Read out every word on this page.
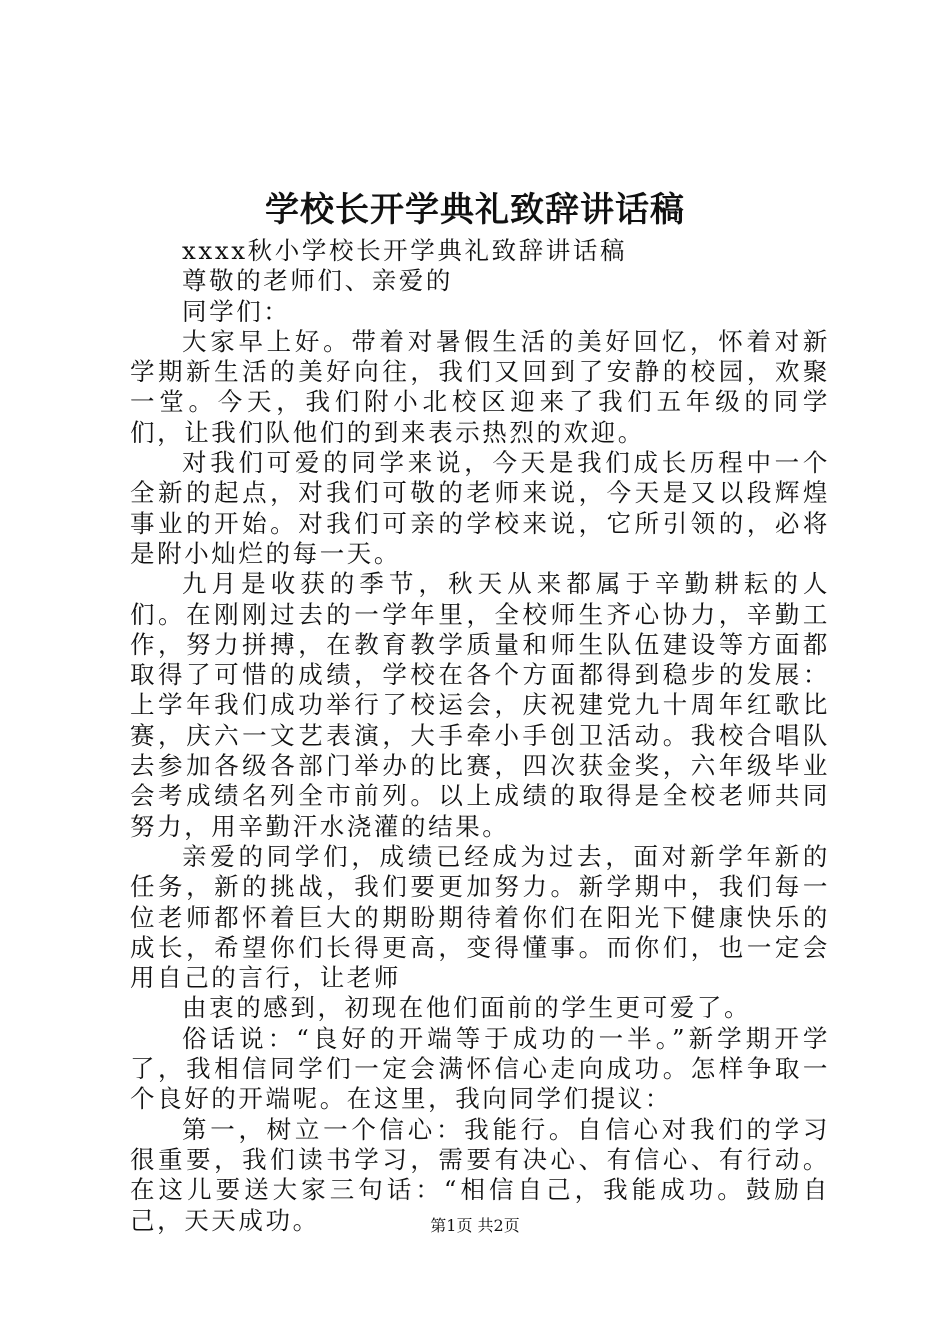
学校长开学典礼致辞讲话稿

xxxx秋小学校长开学典礼致辞讲话稿

尊敬的老师们、亲爱的

同学们：

大家早上好。带着对暑假生活的美好回忆，怀着对新学期新生活的美好向往，我们又回到了安静的校园，欢聚一堂。今天，我们附小北校区迎来了我们五年级的同学们，让我们队他们的到来表示热烈的欢迎。

对我们可爱的同学来说，今天是我们成长历程中一个全新的起点，对我们可敬的老师来说，今天是又以段辉煌事业的开始。对我们可亲的学校来说，它所引领的，必将是附小灿烂的每一天。

九月是收获的季节，秋天从来都属于辛勤耕耘的人们。在刚刚过去的一学年里，全校师生齐心协力，辛勤工作，努力拼搏，在教育教学质量和师生队伍建设等方面都取得了可惜的成绩，学校在各个方面都得到稳步的发展：上学年我们成功举行了校运会，庆祝建党九十周年红歌比赛，庆六一文艺表演，大手牵小手创卫活动。我校合唱队去参加各级各部门举办的比赛，四次获金奖，六年级毕业会考成绩名列全市前列。以上成绩的取得是全校老师共同努力，用辛勤汗水浇灌的结果。

亲爱的同学们，成绩已经成为过去，面对新学年新的任务，新的挑战，我们要更加努力。新学期中，我们每一位老师都怀着巨大的期盼期待着你们在阳光下健康快乐的成长，希望你们长得更高，变得懂事。而你们，也一定会用自己的言行，让老师

由衷的感到，初现在他们面前的学生更可爱了。

俗话说：“良好的开端等于成功的一半。”新学期开学了，我相信同学们一定会满怀信心走向成功。怎样争取一个良好的开端呢。在这里，我向同学们提议：

第一，树立一个信心：我能行。自信心对我们的学习很重要，我们读书学习，需要有决心、有信心、有行动。在这儿要送大家三句话：“相信自己，我能成功。鼓励自己，天天成功。	第1页 共2页
